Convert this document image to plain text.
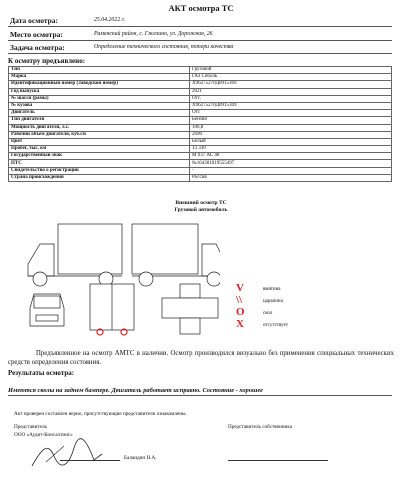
АКТ осмотра ТС
Дата осмотра:	25.04.2022 г.
Место осмотра:	Раменский район, с. Гжелино, ул. Дорожная, 26
Задача осмотра:	Определение технического состояния, потери качества
К осмотру предъявлено:
Тип	Грузовой
Марка	ГАЗ Соболь
Идентификационный номер (Заводской номер)	Х96275270Д0915369
Год выпуска	2021
№ шасси (рамы)	Отс.
№ кузова	Х96275270Д0915369
Двигатель	Отс
Тип двигателя	Бензин
Мощность двигателя, л.с.	106,8
Рабочий объем двигателя, куб.см	2690
Цвет	Белый
Пробег, тыс. км	13 330
Государственный знак	М 037 АС 48
ПТС	№164301019555497
Свидетельство о регистрации	-
Страна происхождения	Россия
Внешний осмотр ТС
Грузовой автомобиль
V
\\
O
X
вмятина
царапина
скол
отсутствует
Предъявленное на осмотр АМТС в наличии. Осмотр производился визуально без применения специальных технических средств определения состояния.
Результаты осмотра:
Имеются сколы на заднем бампере. Двигатель работает исправно. Состояние - хорошее
Акт проверен составлен верно, присутствующие представители ознакомлены.
Представитель
ООО «Аудит-Консалтинг»
Представитель собственника
Баландин Н.А.
